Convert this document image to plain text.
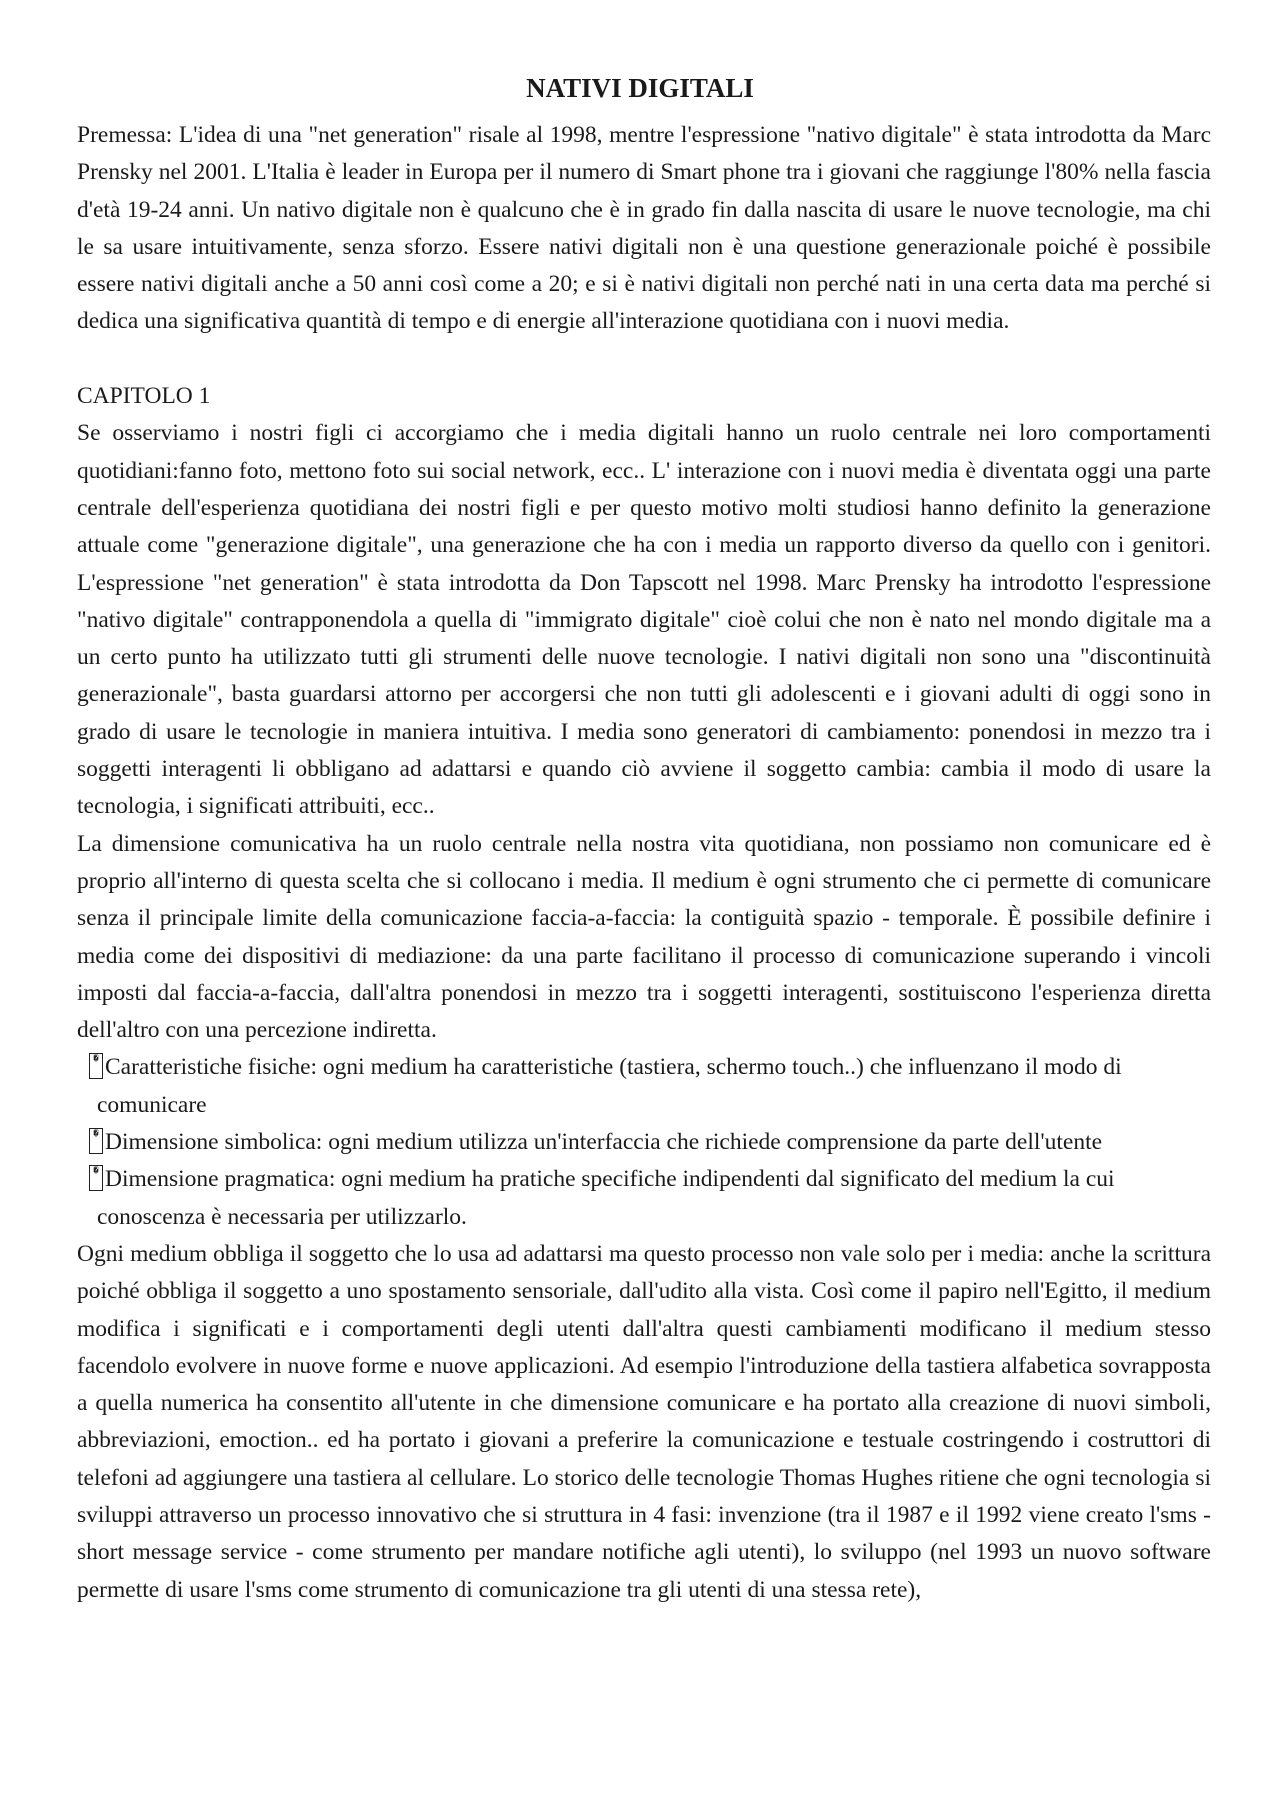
NATIVI DIGITALI

Premessa: L'idea di una "net generation" risale al 1998, mentre l'espressione "nativo digitale" è stata introdotta da Marc Prensky nel 2001. L'Italia è leader in Europa per il numero di Smart phone tra i giovani che raggiunge l'80% nella fascia d'età 19-24 anni. Un nativo digitale non è qualcuno che è in grado fin dalla nascita di usare le nuove tecnologie, ma chi le sa usare intuitivamente, senza sforzo. Essere nativi digitali non è una questione generazionale poiché è possibile essere nativi digitali anche a 50 anni così come a 20; e si è nativi digitali non perché nati in una certa data ma perché si dedica una significativa quantità di tempo e di energie all'interazione quotidiana con i nuovi media.

CAPITOLO 1

Se osserviamo i nostri figli ci accorgiamo che i media digitali hanno un ruolo centrale nei loro comportamenti quotidiani:fanno foto, mettono foto sui social network, ecc.. L' interazione con i nuovi media è diventata oggi una parte centrale dell'esperienza quotidiana dei nostri figli e per questo motivo molti studiosi hanno definito la generazione attuale come "generazione digitale", una generazione che ha con i media un rapporto diverso da quello con i genitori. L'espressione "net generation" è stata introdotta da Don Tapscott nel 1998. Marc Prensky ha introdotto l'espressione "nativo digitale" contrapponendola a quella di "immigrato digitale" cioè colui che non è nato nel mondo digitale ma a un certo punto ha utilizzato tutti gli strumenti delle nuove tecnologie. I nativi digitali non sono una "discontinuità generazionale", basta guardarsi attorno per accorgersi che non tutti gli adolescenti e i giovani adulti di oggi sono in grado di usare le tecnologie in maniera intuitiva. I media sono generatori di cambiamento: ponendosi in mezzo tra i soggetti interagenti li obbligano ad adattarsi e quando ciò avviene il soggetto cambia: cambia il modo di usare la tecnologia, i significati attribuiti, ecc..

La dimensione comunicativa ha un ruolo centrale nella nostra vita quotidiana, non possiamo non comunicare ed è proprio all'interno di questa scelta che si collocano i media. Il medium è ogni strumento che ci permette di comunicare senza il principale limite della comunicazione faccia-a-faccia: la contiguità spazio - temporale. È possibile definire i media come dei dispositivi di mediazione: da una parte facilitano il processo di comunicazione superando i vincoli imposti dal faccia-a-faccia, dall'altra ponendosi in mezzo tra i soggetti interagenti, sostituiscono l'esperienza diretta dell'altro con una percezione indiretta.

� Caratteristiche fisiche: ogni medium ha caratteristiche (tastiera, schermo touch..) che influenzano il modo di comunicare
� Dimensione simbolica: ogni medium utilizza un'interfaccia che richiede comprensione da parte dell'utente
� Dimensione pragmatica: ogni medium ha pratiche specifiche indipendenti dal significato del medium la cui conoscenza è necessaria per utilizzarlo.

Ogni medium obbliga il soggetto che lo usa ad adattarsi ma questo processo non vale solo per i media: anche la scrittura poiché obbliga il soggetto a uno spostamento sensoriale, dall'udito alla vista. Così come il papiro nell'Egitto, il medium modifica i significati e i comportamenti degli utenti dall'altra questi cambiamenti modificano il medium stesso facendolo evolvere in nuove forme e nuove applicazioni. Ad esempio l'introduzione della tastiera alfabetica sovrapposta a quella numerica ha consentito all'utente in che dimensione comunicare e ha portato alla creazione di nuovi simboli, abbreviazioni, emoction.. ed ha portato i giovani a preferire la comunicazione e testuale costringendo i costruttori di telefoni ad aggiungere una tastiera al cellulare. Lo storico delle tecnologie Thomas Hughes ritiene che ogni tecnologia si sviluppi attraverso un processo innovativo che si struttura in 4 fasi: invenzione (tra il 1987 e il 1992 viene creato l'sms - short message service - come strumento per mandare notifiche agli utenti), lo sviluppo (nel 1993 un nuovo software permette di usare l'sms come strumento di comunicazione tra gli utenti di una stessa rete),
